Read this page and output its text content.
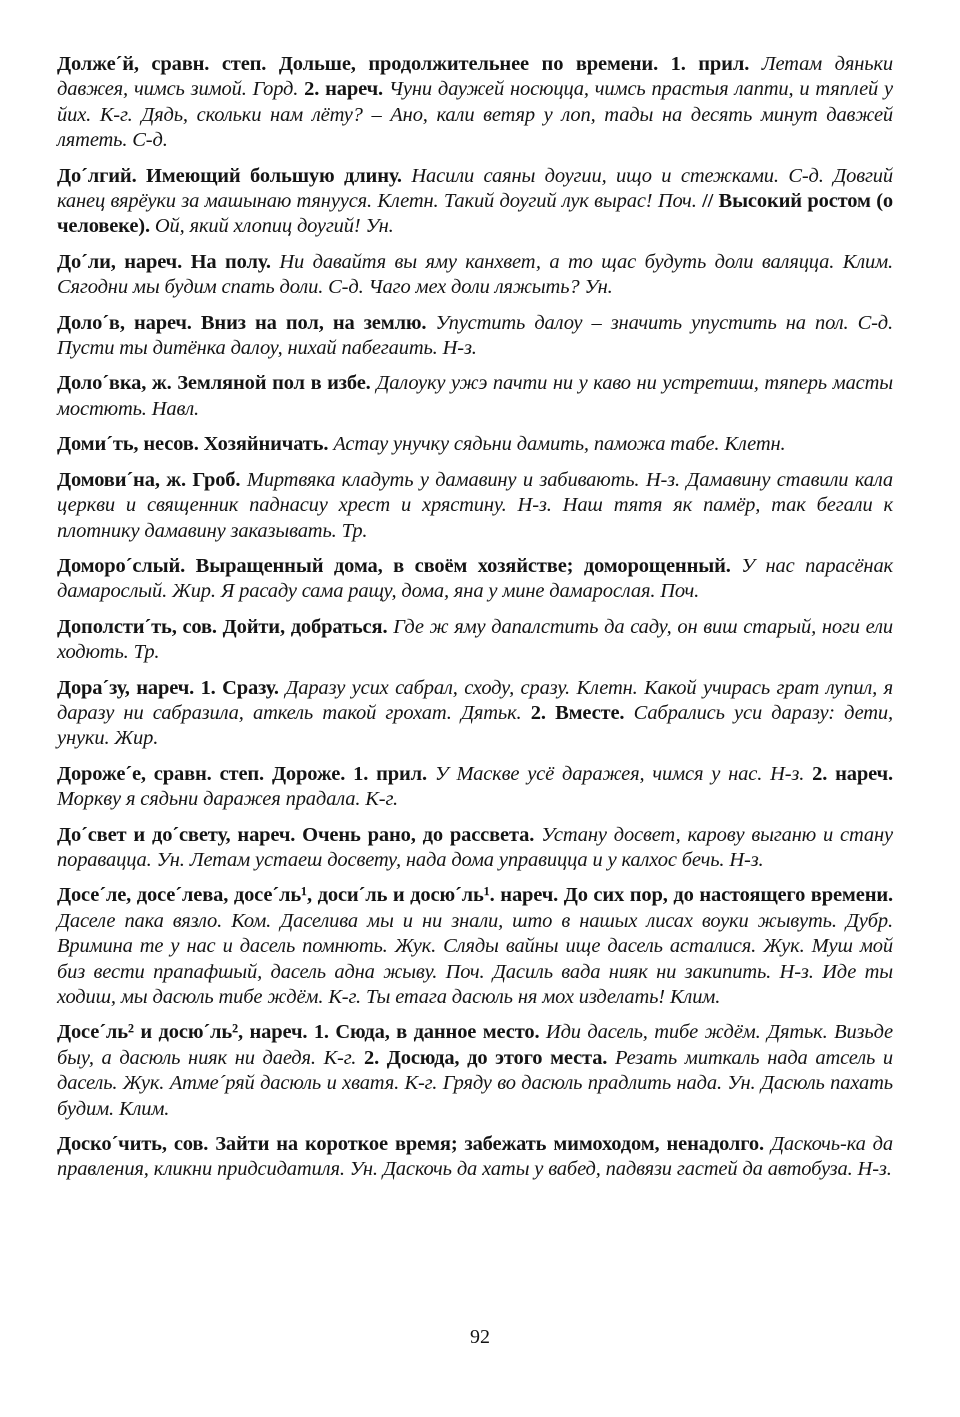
Долже´й, сравн. степ. Дольше, продолжительнее по времени. 1. прил. Летам дяньки давжея, чимсь зимой. Горд. 2. нареч. Чуни даужей носюцца, чимсь прастыя лапти, и тяплей у йих. К-г. Дядь, скольки нам лёту? – Ано, кали ветяр у лоп, тады на десять минут давжей лятеть. С-д.

До´лгий. Имеющий большую длину. Насили саяны доугии, ищо и стежками. С-д. Довгий канец вярёуки за машынаю тянууся. Клетн. Такий доугий лук вырас! Поч. // Высокий ростом (о человеке). Ой, який хлопиц доугий! Ун.

До´ли, нареч. На полу. Ни давайтя вы яму канхвет, а то щас будуть доли валяцца. Клим. Сягодни мы будим спать доли. С-д. Чаго мех доли ляжыть? Ун.

Доло´в, нареч. Вниз на пол, на землю. Упустить далоу – значить упустить на пол. С-д. Пусти ты дитёнка далоу, нихай пабегаить. Н-з.

Доло´вка, ж. Земляной пол в избе. Далоуку ужэ пачти ни у каво ни устретиш, тяперь масты мостють. Навл.

Доми´ть, несов. Хозяйничать. Астау унучку сядьни дамить, паможа табе. Клетн.

Домови´на, ж. Гроб. Миртвяка кладуть у дамавину и забивають. Н-з. Дамавину ставили кала церкви и священник паднасиу хрест и хрястину. Н-з. Наш тятя як памёр, так бегали к плотнику дамавину заказывать. Тр.

Доморо´слый. Выращенный дома, в своём хозяйстве; доморощенный. У нас парасёнак дамарослый. Жир. Я расаду сама ращу, дома, яна у мине дамарослая. Поч.

Дополсти´ть, сов. Дойти, добраться. Где ж яму дапалстить да саду, он виш старый, ноги ели ходють. Тр.

Дора´зу, нареч. 1. Сразу. Даразу усих сабрал, сходу, сразу. Клетн. Какой учирась грат лупил, я даразу ни сабразила, аткель такой грохат. Дятьк. 2. Вместе. Сабрались уси даразу: дети, унуки. Жир.

Дороже´е, сравн. степ. Дороже. 1. прил. У Маскве усё даражея, чимся у нас. Н-з. 2. нареч. Моркву я сядьни даражея прадала. К-г.

До´свет и до´свету, нареч. Очень рано, до рассвета. Устану досвет, карову выганю и стану поравацца. Ун. Летам устаеш досвету, нада дома управицца и у калхос бечь. Н-з.

Досе´ле, досе´лева, досе´ль¹, доси´ль и досю´ль¹. нареч. До сих пор, до настоящего времени. Даселе пака вязло. Ком. Даселива мы и ни знали, што в нашых лисах воуки жывуть. Дубр. Вримина те у нас и дасель помнють. Жук. Сляды вайны ище дасель асталися. Жук. Муш мой биз вести прапафшый, дасель адна жыву. Поч. Дасиль вада нияк ни закипить. Н-з. Иде ты ходиш, мы дасюль тибе ждём. К-г. Ты етага дасюль ня мох изделать! Клим.

Досе´ль² и досю´ль², нареч. 1. Сюда, в данное место. Иди дасель, тибе ждём. Дятьк. Визьде быу, а дасюль нияк ни даедя. К-г. 2. Досюда, до этого места. Резать миткаль нада атсель и дасель. Жук. Атме´ряй дасюль и хватя. К-г. Гряду во дасюль прадлить нада. Ун. Дасюль пахать будим. Клим.

Доско´чить, сов. Зайти на короткое время; забежать мимоходом, ненадолго. Даскочь-ка да правления, кликни придсидатиля. Ун. Даскочь да хаты у вабед, падвязи гастей да автобуза. Н-з.

92
